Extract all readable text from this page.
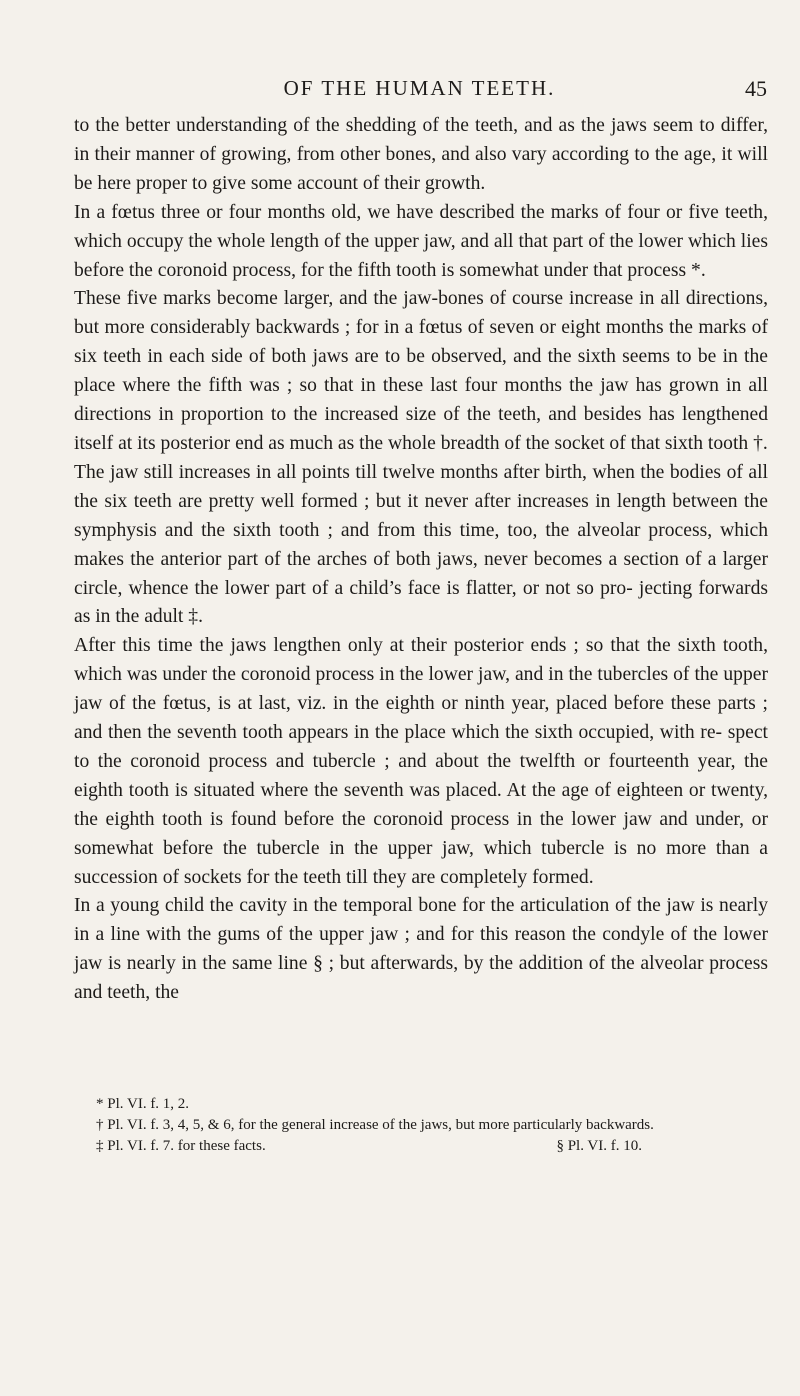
OF THE HUMAN TEETH.	45

to the better understanding of the shedding of the teeth, and as the jaws seem to differ, in their manner of growing, from other bones, and also vary according to the age, it will be here proper to give some account of their growth.

In a fœtus three or four months old, we have described the marks of four or five teeth, which occupy the whole length of the upper jaw, and all that part of the lower which lies before the coronoid process, for the fifth tooth is somewhat under that process *.

These five marks become larger, and the jaw-bones of course increase in all directions, but more considerably backwards ; for in a fœtus of seven or eight months the marks of six teeth in each side of both jaws are to be observed, and the sixth seems to be in the place where the fifth was ; so that in these last four months the jaw has grown in all directions in proportion to the increased size of the teeth, and besides has lengthened itself at its posterior end as much as the whole breadth of the socket of that sixth tooth †.

The jaw still increases in all points till twelve months after birth, when the bodies of all the six teeth are pretty well formed ; but it never after increases in length between the symphysis and the sixth tooth ; and from this time, too, the alveolar process, which makes the anterior part of the arches of both jaws, never becomes a section of a larger circle, whence the lower part of a child’s face is flatter, or not so pro- jecting forwards as in the adult ‡.

After this time the jaws lengthen only at their posterior ends ; so that the sixth tooth, which was under the coronoid process in the lower jaw, and in the tubercles of the upper jaw of the fœtus, is at last, viz. in the eighth or ninth year, placed before these parts ; and then the seventh tooth appears in the place which the sixth occupied, with re- spect to the coronoid process and tubercle ; and about the twelfth or fourteenth year, the eighth tooth is situated where the seventh was placed. At the age of eighteen or twenty, the eighth tooth is found before the coronoid process in the lower jaw and under, or somewhat before the tubercle in the upper jaw, which tubercle is no more than a succession of sockets for the teeth till they are completely formed.

In a young child the cavity in the temporal bone for the articulation of the jaw is nearly in a line with the gums of the upper jaw ; and for this reason the condyle of the lower jaw is nearly in the same line § ; but afterwards, by the addition of the alveolar process and teeth, the

* Pl. VI. f. 1, 2.

† Pl. VI. f. 3, 4, 5, & 6, for the general increase of the jaws, but more particularly backwards.

‡ Pl. VI. f. 7. for these facts.	§ Pl. VI. f. 10.
